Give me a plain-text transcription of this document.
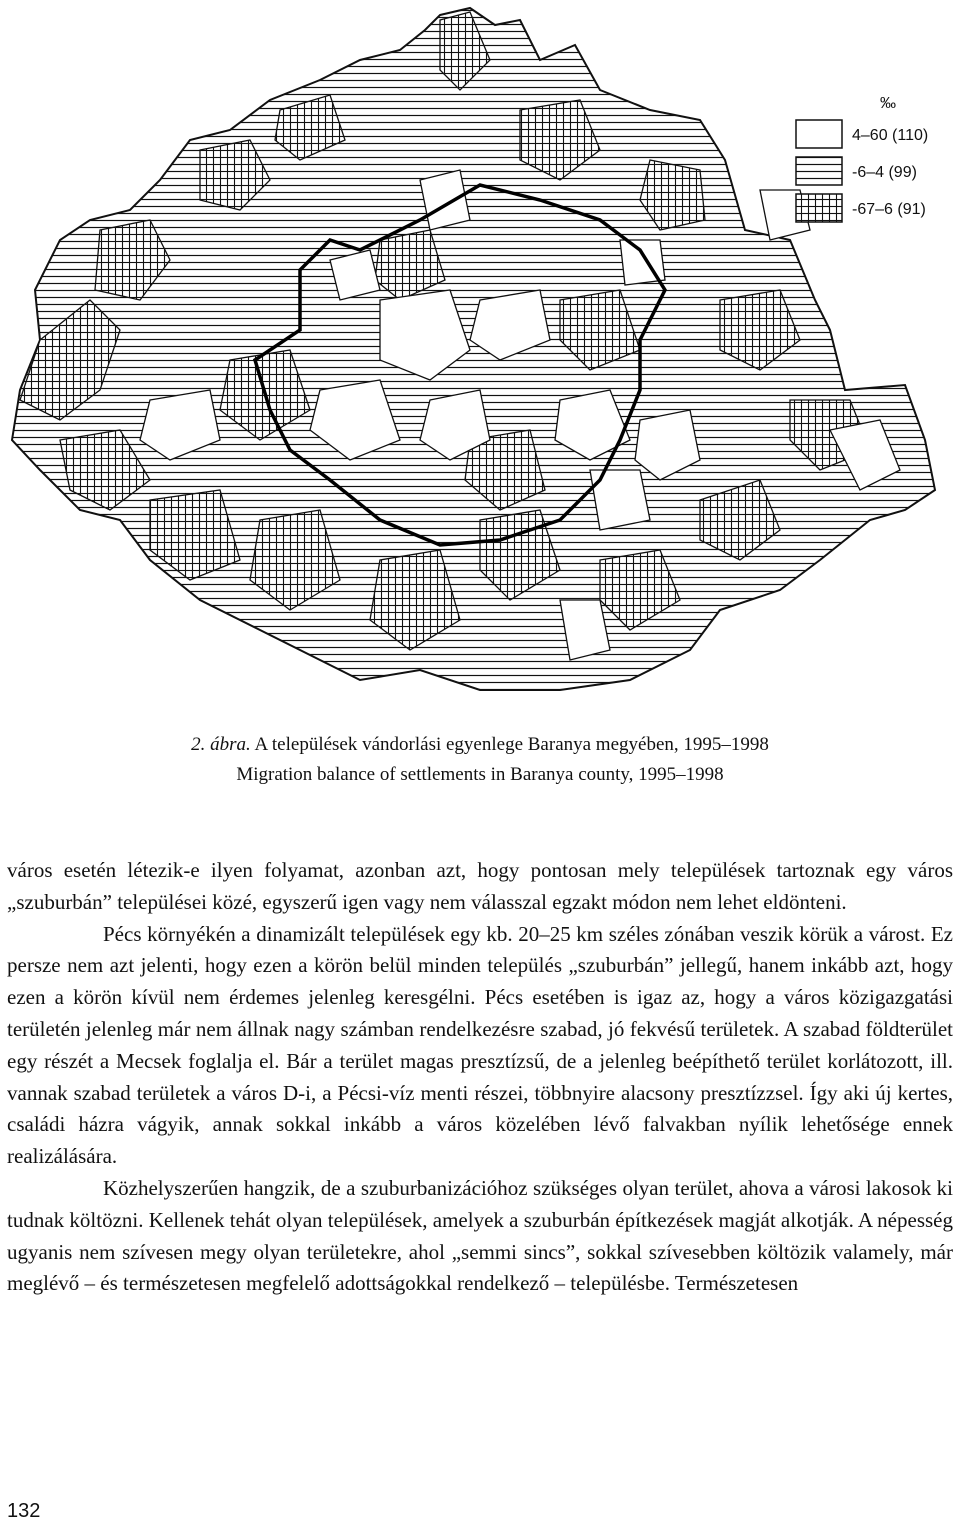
‰
4–60 (110)
-6–4 (99)
-67–6 (91)
2. ábra. A települések vándorlási egyenlege Baranya megyében, 1995–1998
Migration balance of settlements in Baranya county, 1995–1998

város esetén létezik-e ilyen folyamat, azonban azt, hogy pontosan mely települések tartoznak egy város „szuburbán” települései közé, egyszerű igen vagy nem válasszal egzakt módon nem lehet eldönteni.

Pécs környékén a dinamizált települések egy kb. 20–25 km széles zónában veszik körük a várost. Ez persze nem azt jelenti, hogy ezen a körön belül minden település „szuburbán” jellegű, hanem inkább azt, hogy ezen a körön kívül nem érdemes jelenleg keresgélni. Pécs esetében is igaz az, hogy a város közigazgatási területén jelenleg már nem állnak nagy számban rendelkezésre szabad, jó fekvésű területek. A szabad földterület egy részét a Mecsek foglalja el. Bár a terület magas presztízsű, de a jelenleg beépíthető terület korlátozott, ill. vannak szabad területek a város D-i, a Pécsi-víz menti részei, többnyire alacsony presztízzsel. Így aki új kertes, családi házra vágyik, annak sokkal inkább a város közelében lévő falvakban nyílik lehetősége ennek realizálására.

Közhelyszerűen hangzik, de a szuburbanizációhoz szükséges olyan terület, ahova a városi lakosok ki tudnak költözni. Kellenek tehát olyan települések, amelyek a szuburbán építkezések magját alkotják. A népesség ugyanis nem szívesen megy olyan területekre, ahol „semmi sincs”, sokkal szívesebben költözik valamely, már meglévő – és természetesen megfelelő adottságokkal rendelkező – településbe. Természetesen

132
